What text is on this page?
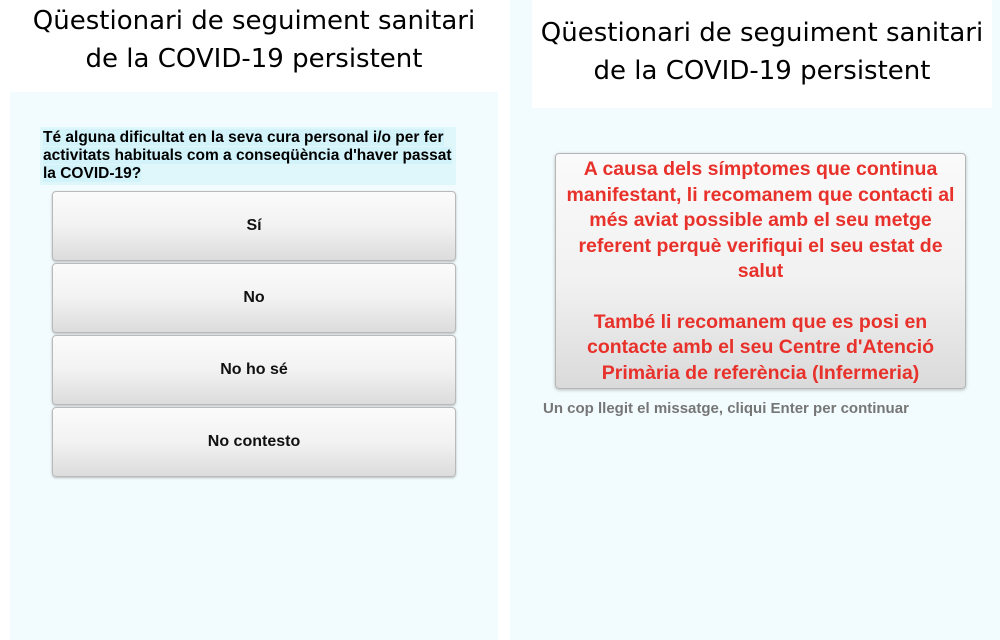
Qüestionari de seguiment sanitari
de la COVID-19 persistent
Té alguna dificultat en la seva cura personal i/o per fer activitats habituals com a conseqüència d'haver passat la COVID-19?
Sí
No
No ho sé
No contesto
Qüestionari de seguiment sanitari
de la COVID-19 persistent
A causa dels símptomes que continua manifestant, li recomanem que contacti al més aviat possible amb el seu metge referent perquè verifiqui el seu estat de salut
També li recomanem que es posi en contacte amb el seu Centre d'Atenció Primària de referència (Infermeria)
Un cop llegit el missatge, cliqui Enter per continuar
